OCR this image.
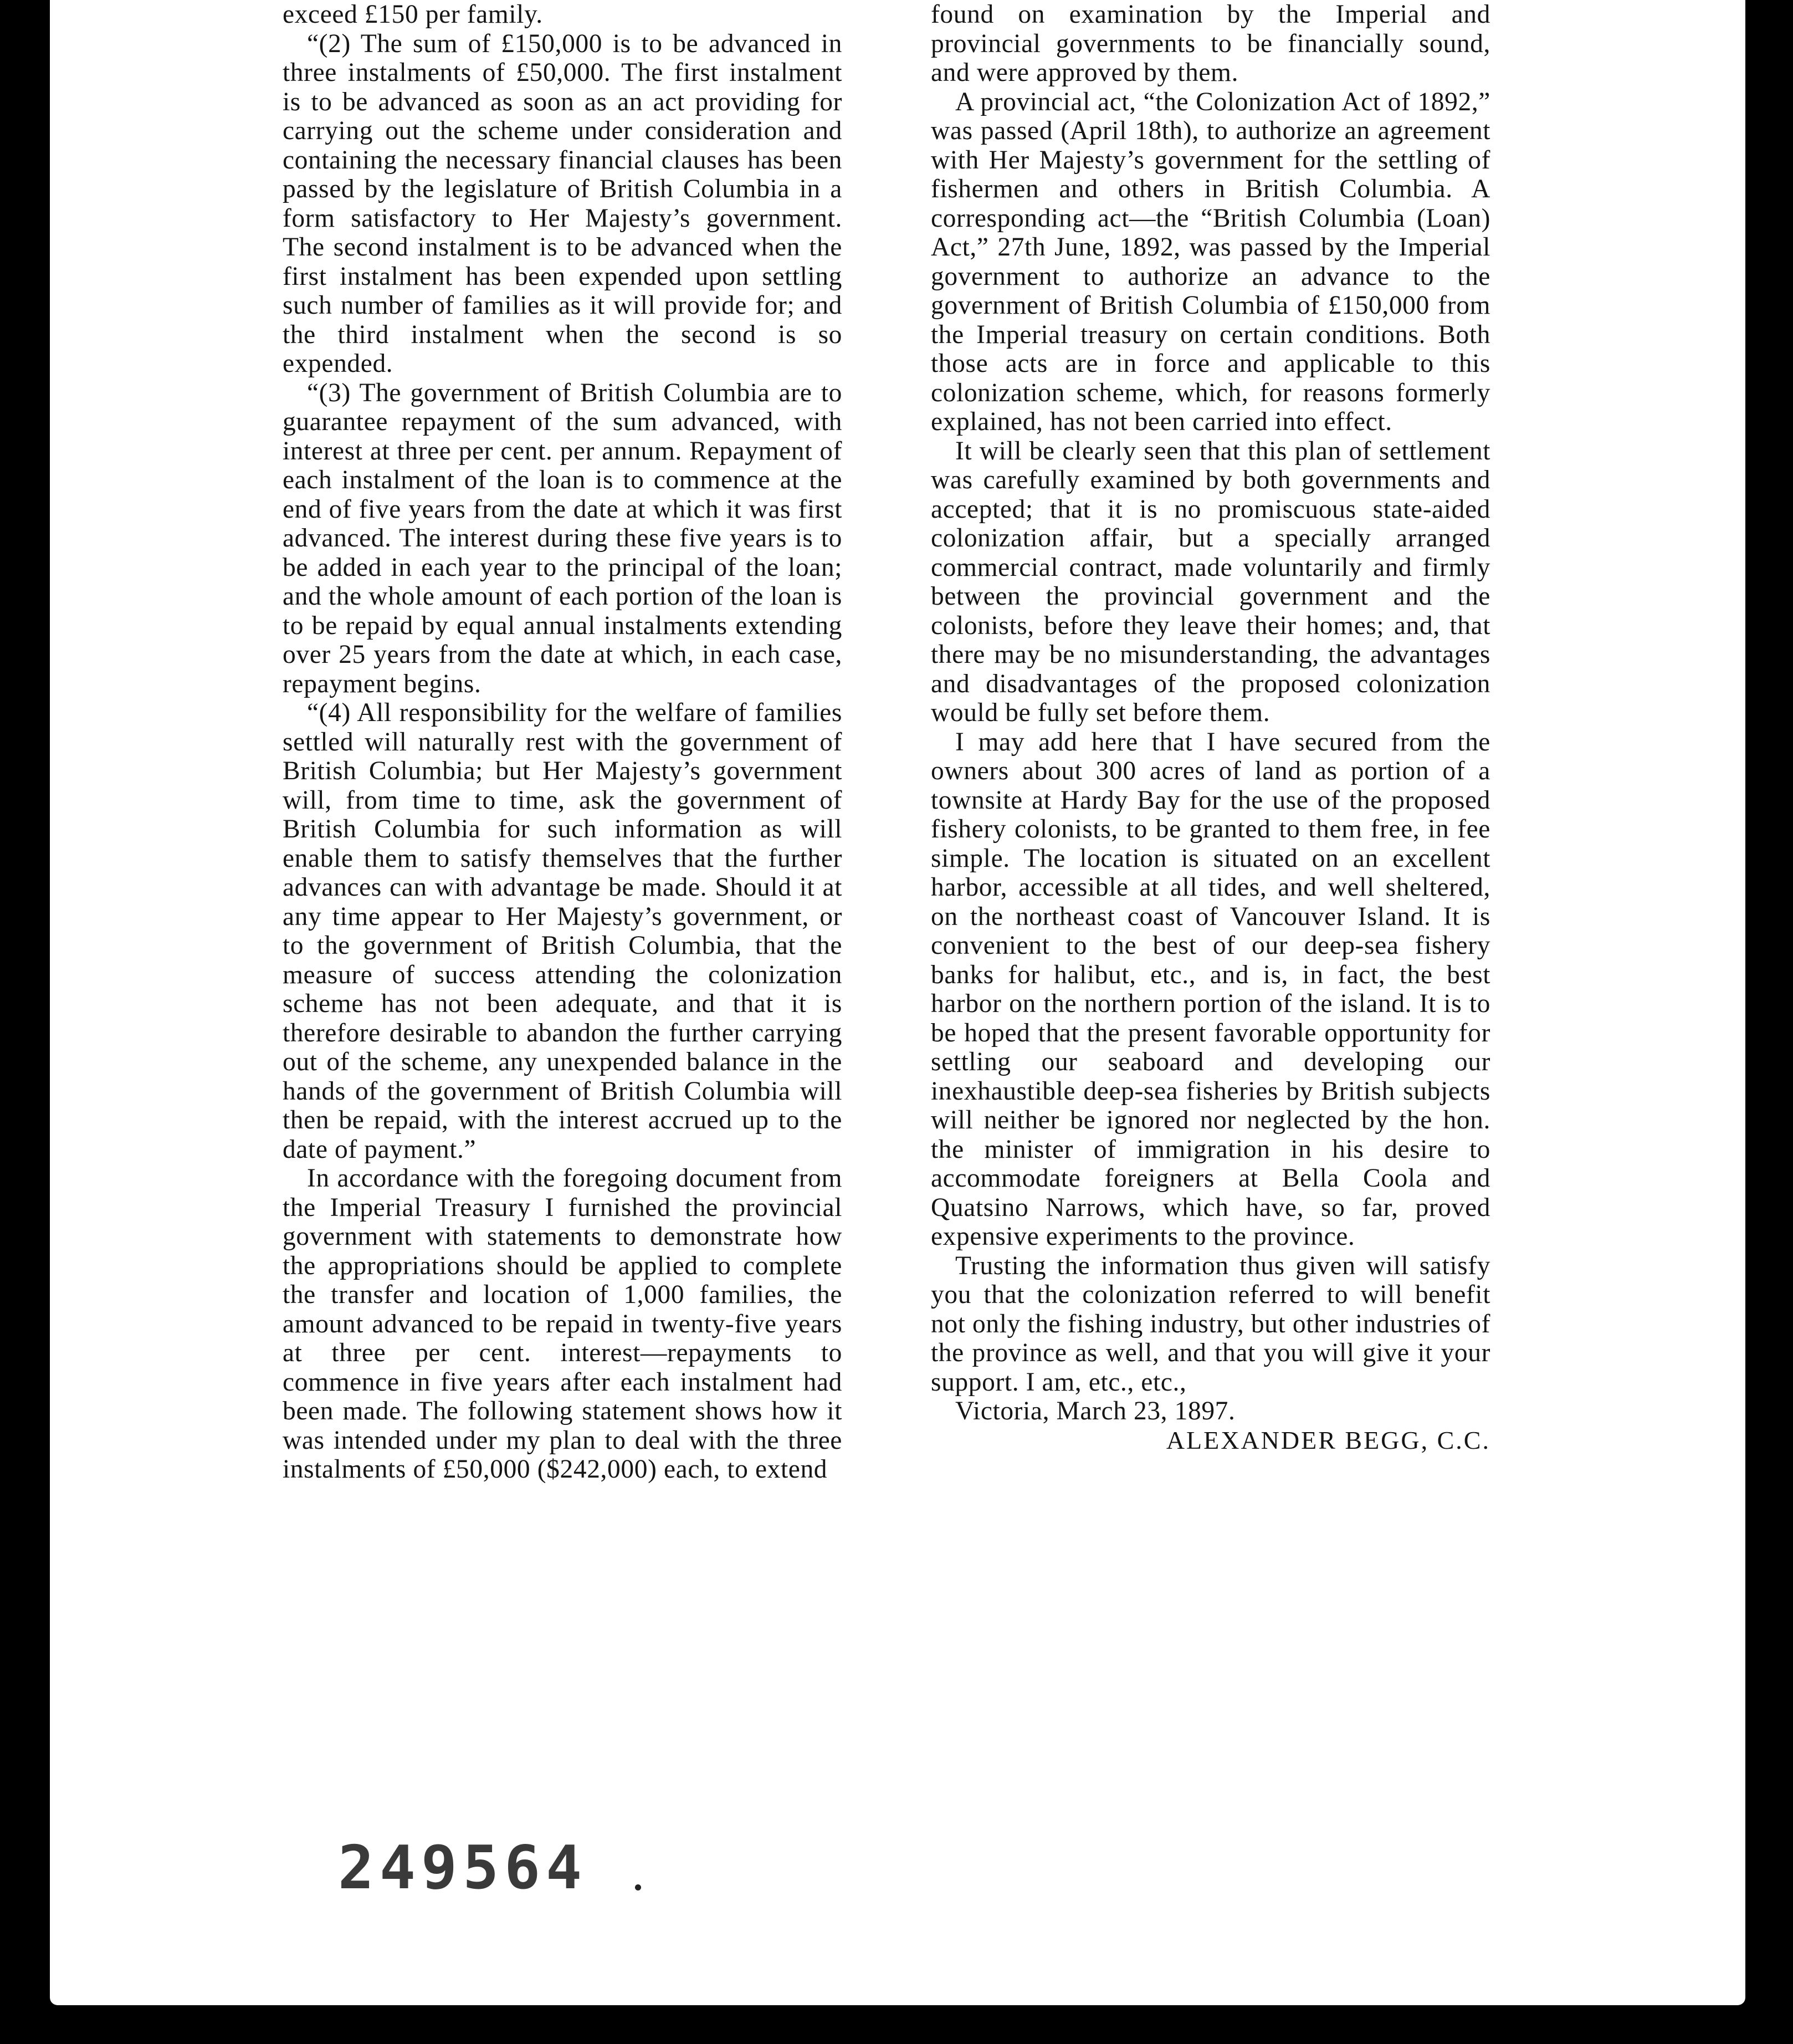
exceed £150 per family.

“(2) The sum of £150,000 is to be advanced in three instalments of £50,000. The first instalment is to be advanced as soon as an act providing for carrying out the scheme under consideration and containing the necessary financial clauses has been passed by the legislature of British Columbia in a form satisfactory to Her Majesty’s government. The second instalment is to be advanced when the first instalment has been expended upon settling such number of families as it will provide for; and the third instalment when the second is so expended.

“(3) The government of British Columbia are to guarantee repayment of the sum advanced, with interest at three per cent. per annum. Repayment of each instalment of the loan is to commence at the end of five years from the date at which it was first advanced. The interest during these five years is to be added in each year to the principal of the loan; and the whole amount of each portion of the loan is to be repaid by equal annual instalments extending over 25 years from the date at which, in each case, repayment begins.

“(4) All responsibility for the welfare of families settled will naturally rest with the government of British Columbia; but Her Majesty’s government will, from time to time, ask the government of British Columbia for such information as will enable them to satisfy themselves that the further advances can with advantage be made. Should it at any time appear to Her Majesty’s government, or to the government of British Columbia, that the measure of success attending the colonization scheme has not been adequate, and that it is therefore desirable to abandon the further carrying out of the scheme, any unexpended balance in the hands of the government of British Columbia will then be repaid, with the interest accrued up to the date of payment.”

In accordance with the foregoing document from the Imperial Treasury I furnished the provincial government with statements to demonstrate how the appropriations should be applied to complete the transfer and location of 1,000 families, the amount advanced to be repaid in twenty-five years at three per cent. interest—repayments to commence in five years after each instalment had been made. The following statement shows how it was intended under my plan to deal with the three instalments of £50,000 ($242,000) each, to extend

found on examination by the Imperial and provincial governments to be financially sound, and were approved by them.

A provincial act, “the Colonization Act of 1892,” was passed (April 18th), to authorize an agreement with Her Majesty’s government for the settling of fishermen and others in British Columbia. A corresponding act—the “British Columbia (Loan) Act,” 27th June, 1892, was passed by the Imperial government to authorize an advance to the government of British Columbia of £150,000 from the Imperial treasury on certain conditions. Both those acts are in force and applicable to this colonization scheme, which, for reasons formerly explained, has not been carried into effect.

It will be clearly seen that this plan of settlement was carefully examined by both governments and accepted; that it is no promiscuous state-aided colonization affair, but a specially arranged commercial contract, made voluntarily and firmly between the provincial government and the colonists, before they leave their homes; and, that there may be no misunderstanding, the advantages and disadvantages of the proposed colonization would be fully set before them.

I may add here that I have secured from the owners about 300 acres of land as portion of a townsite at Hardy Bay for the use of the proposed fishery colonists, to be granted to them free, in fee simple. The location is situated on an excellent harbor, accessible at all tides, and well sheltered, on the northeast coast of Vancouver Island. It is convenient to the best of our deep-sea fishery banks for halibut, etc., and is, in fact, the best harbor on the northern portion of the island. It is to be hoped that the present favorable opportunity for settling our seaboard and developing our inexhaustible deep-sea fisheries by British subjects will neither be ignored nor neglected by the hon. the minister of immigration in his desire to accommodate foreigners at Bella Coola and Quatsino Narrows, which have, so far, proved expensive experiments to the province.

Trusting the information thus given will satisfy you that the colonization referred to will benefit not only the fishing industry, but other industries of the province as well, and that you will give it your support. I am, etc., etc.,

Victoria, March 23, 1897.
ALEXANDER BEGG, C.C.
249564
